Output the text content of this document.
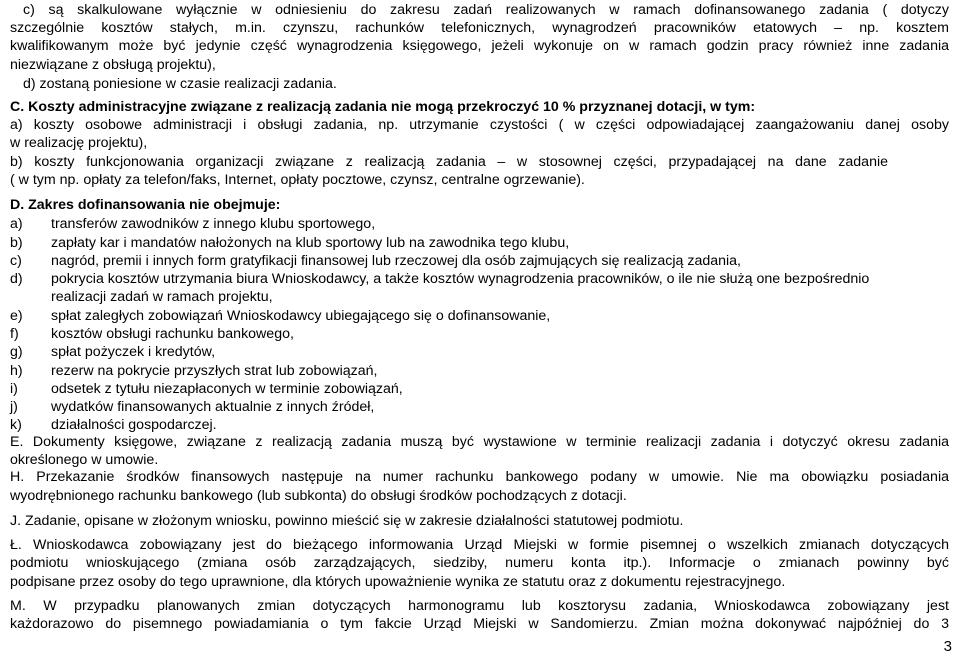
c) są skalkulowane wyłącznie w odniesieniu do zakresu zadań realizowanych w ramach dofinansowanego zadania ( dotyczy
szczególnie kosztów stałych, m.in. czynszu, rachunków telefonicznych, wynagrodzeń pracowników etatowych – np. kosztem
kwalifikowanym może być jedynie część wynagrodzenia księgowego, jeżeli wykonuje on w ramach godzin pracy również inne zadania
niezwiązane z obsługą projektu),
d) zostaną poniesione w czasie realizacji zadania.
C. Koszty administracyjne związane z realizacją zadania nie mogą przekroczyć 10 % przyznanej dotacji, w tym:
a) koszty osobowe administracji i obsługi zadania, np. utrzymanie czystości ( w części odpowiadającej zaangażowaniu danej osoby
w realizację projektu),
b) koszty funkcjonowania organizacji związane z realizacją zadania – w stosownej części, przypadającej na dane zadanie
( w tym np. opłaty za telefon/faks, Internet, opłaty pocztowe, czynsz, centralne ogrzewanie).
D. Zakres dofinansowania nie obejmuje:
a) transferów zawodników z innego klubu sportowego,
b) zapłaty kar i mandatów nałożonych na klub sportowy lub na zawodnika tego klubu,
c) nagród, premii i innych form gratyfikacji finansowej lub rzeczowej dla osób zajmujących się realizacją zadania,
d) pokrycia kosztów utrzymania biura Wnioskodawcy, a także kosztów wynagrodzenia pracowników, o ile nie służą one bezpośrednio
realizacji zadań w ramach projektu,
e) spłat zaległych zobowiązań Wnioskodawcy ubiegającego się o dofinansowanie,
f) kosztów obsługi rachunku bankowego,
g) spłat pożyczek i kredytów,
h) rezerw na pokrycie przyszłych strat lub zobowiązań,
i) odsetek z tytułu niezapłaconych w terminie zobowiązań,
j) wydatków finansowanych aktualnie z innych źródeł,
k) działalności gospodarczej.
E. Dokumenty księgowe, związane z realizacją zadania muszą być wystawione w terminie realizacji zadania i dotyczyć okresu zadania
określonego w umowie.
H. Przekazanie środków finansowych następuje na numer rachunku bankowego podany w umowie. Nie ma obowiązku posiadania
wyodrębnionego rachunku bankowego (lub subkonta) do obsługi środków pochodzących z dotacji.
J. Zadanie, opisane w złożonym wniosku, powinno mieścić się w zakresie działalności statutowej podmiotu.
Ł. Wnioskodawca zobowiązany jest do bieżącego informowania Urząd Miejski w formie pisemnej o wszelkich zmianach dotyczących
podmiotu wnioskującego (zmiana osób zarządzających, siedziby, numeru konta itp.). Informacje o zmianach powinny być
podpisane przez osoby do tego uprawnione, dla których upoważnienie wynika ze statutu oraz z dokumentu rejestracyjnego.
M. W przypadku planowanych zmian dotyczących harmonogramu lub kosztorysu zadania, Wnioskodawca zobowiązany jest
każdorazowo do pisemnego powiadamiania o tym fakcie Urząd Miejski w Sandomierzu. Zmian można dokonywać najpóźniej do 3
3
